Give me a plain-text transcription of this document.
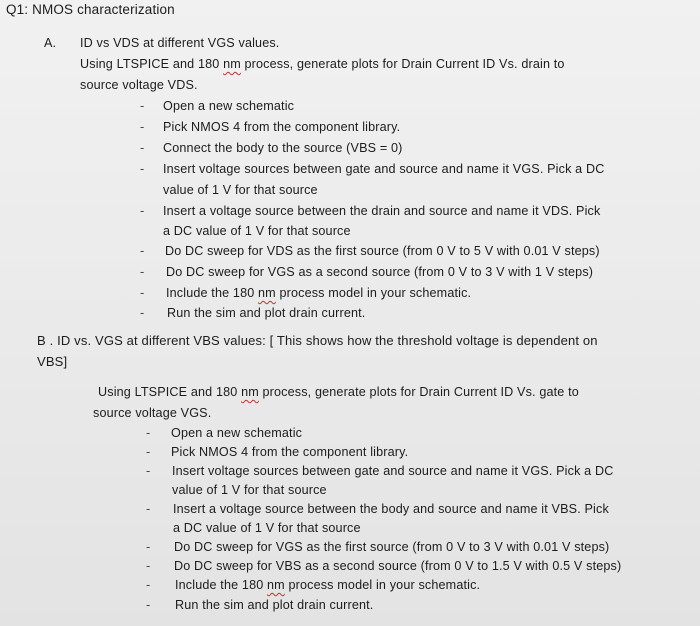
Q1: NMOS characterization
A. ID vs VDS at different VGS values.
Using LTSPICE and 180 nm process, generate plots for Drain Current ID Vs. drain to
source voltage VDS.
- Open a new schematic
- Pick NMOS 4 from the component library.
- Connect the body to the source (VBS = 0)
- Insert voltage sources between gate and source and name it VGS. Pick a DC
value of 1 V for that source
- Insert a voltage source between the drain and source and name it VDS. Pick
a DC value of 1 V for that source
- Do DC sweep for VDS as the first source (from 0 V to 5 V with 0.01 V steps)
- Do DC sweep for VGS as a second source (from 0 V to 3 V with 1 V steps)
- Include the 180 nm process model in your schematic.
- Run the sim and plot drain current.
B . ID vs. VGS at different VBS values: [ This shows how the threshold voltage is dependent on
VBS]
Using LTSPICE and 180 nm process, generate plots for Drain Current ID Vs. gate to
source voltage VGS.
- Open a new schematic
- Pick NMOS 4 from the component library.
- Insert voltage sources between gate and source and name it VGS. Pick a DC
value of 1 V for that source
- Insert a voltage source between the body and source and name it VBS. Pick
a DC value of 1 V for that source
- Do DC sweep for VGS as the first source (from 0 V to 3 V with 0.01 V steps)
- Do DC sweep for VBS as a second source (from 0 V to 1.5 V with 0.5 V steps)
- Include the 180 nm process model in your schematic.
- Run the sim and plot drain current.
